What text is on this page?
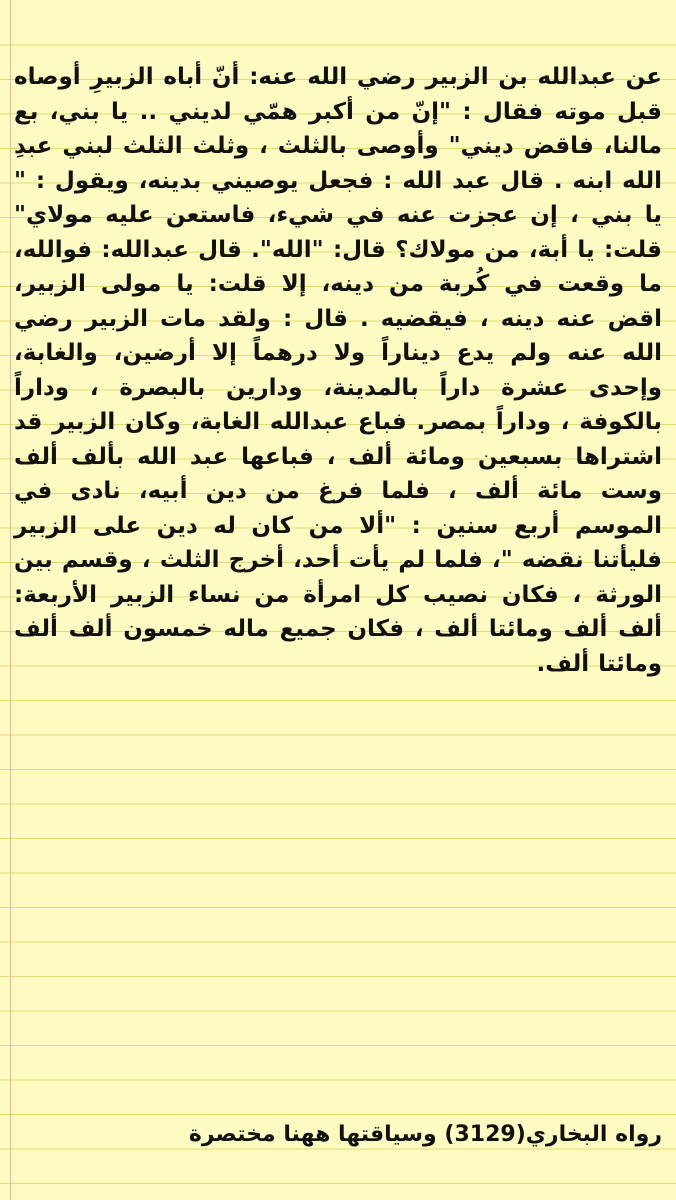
عن عبدالله بن الزبير رضي الله عنه: أنّ أباه الزبيرِ أوصاه قبل موته فقال : "إنّ من أكبر همّي لديني .. يا بني، بع مالنا، فاقض ديني" وأوصى بالثلث ، وثلث الثلث لبني عبدِ الله ابنه . قال عبد الله : فجعل يوصيني بدينه، ويقول : " يا بني ، إن عجزت عنه في شيء، فاستعن عليه مولاي" قلت: يا أبة، من مولاك؟ قال: "الله". قال عبدالله: فوالله، ما وقعت في كُربة من دينه، إلا قلت: يا مولى الزبير، اقض عنه دينه ، فيقضيه . قال : ولقد مات الزبير رضي الله عنه ولم يدع ديناراً ولا درهماً إلا أرضين، والغابة، وإحدى عشرة داراً بالمدينة، ودارين بالبصرة ، وداراً بالكوفة ، وداراً بمصر. فباع عبدالله الغابة، وكان الزبير قد اشتراها بسبعين ومائة ألف ، فباعها عبد الله بألف ألف وست مائة ألف ، فلما فرغ من دين أبيه، نادى في الموسم أربع سنين : "ألا من كان له دين على الزبير فليأتنا نقضه "، فلما لم يأت أحد، أخرج الثلث ، وقسم بين الورثة ، فكان نصيب كل امرأة من نساء الزبير الأربعة: ألف ألف ومائتا ألف ، فكان جميع ماله خمسون ألف ألف ومائتا ألف.

رواه البخاري(3129) وسياقتها ههنا مختصرة
